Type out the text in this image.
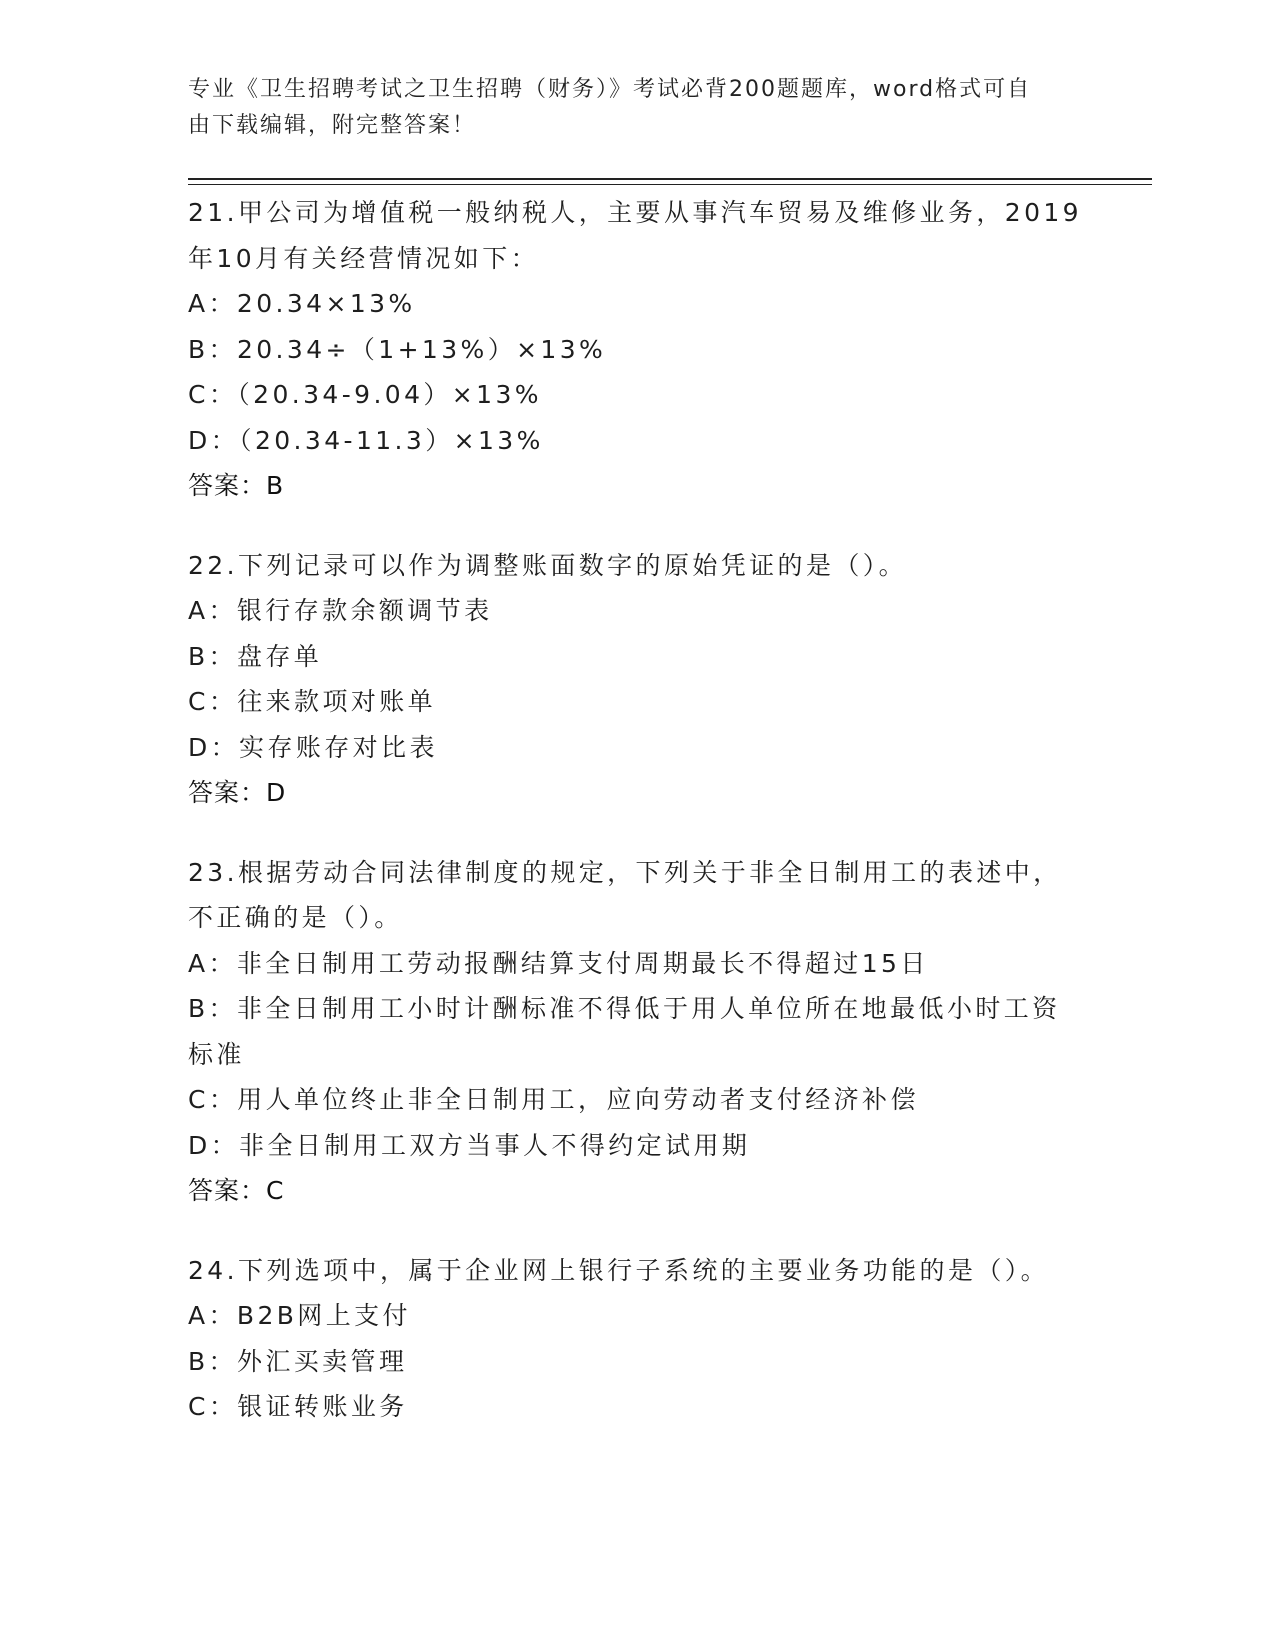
专业《卫生招聘考试之卫生招聘（财务）》考试必背200题题库，word格式可自
由下载编辑，附完整答案！
21.甲公司为增值税一般纳税人，主要从事汽车贸易及维修业务，2019
年10月有关经营情况如下：
A：20.34×13%
B：20.34÷（1+13%）×13%
C：（20.34-9.04）×13%
D：（20.34-11.3）×13%
答案：B
22.下列记录可以作为调整账面数字的原始凭证的是（）。
A：银行存款余额调节表
B：盘存单
C：往来款项对账单
D：实存账存对比表
答案：D
23.根据劳动合同法律制度的规定，下列关于非全日制用工的表述中，
不正确的是（）。
A：非全日制用工劳动报酬结算支付周期最长不得超过15日
B：非全日制用工小时计酬标准不得低于用人单位所在地最低小时工资
标准
C：用人单位终止非全日制用工，应向劳动者支付经济补偿
D：非全日制用工双方当事人不得约定试用期
答案：C
24.下列选项中，属于企业网上银行子系统的主要业务功能的是（）。
A：B2B网上支付
B：外汇买卖管理
C：银证转账业务
